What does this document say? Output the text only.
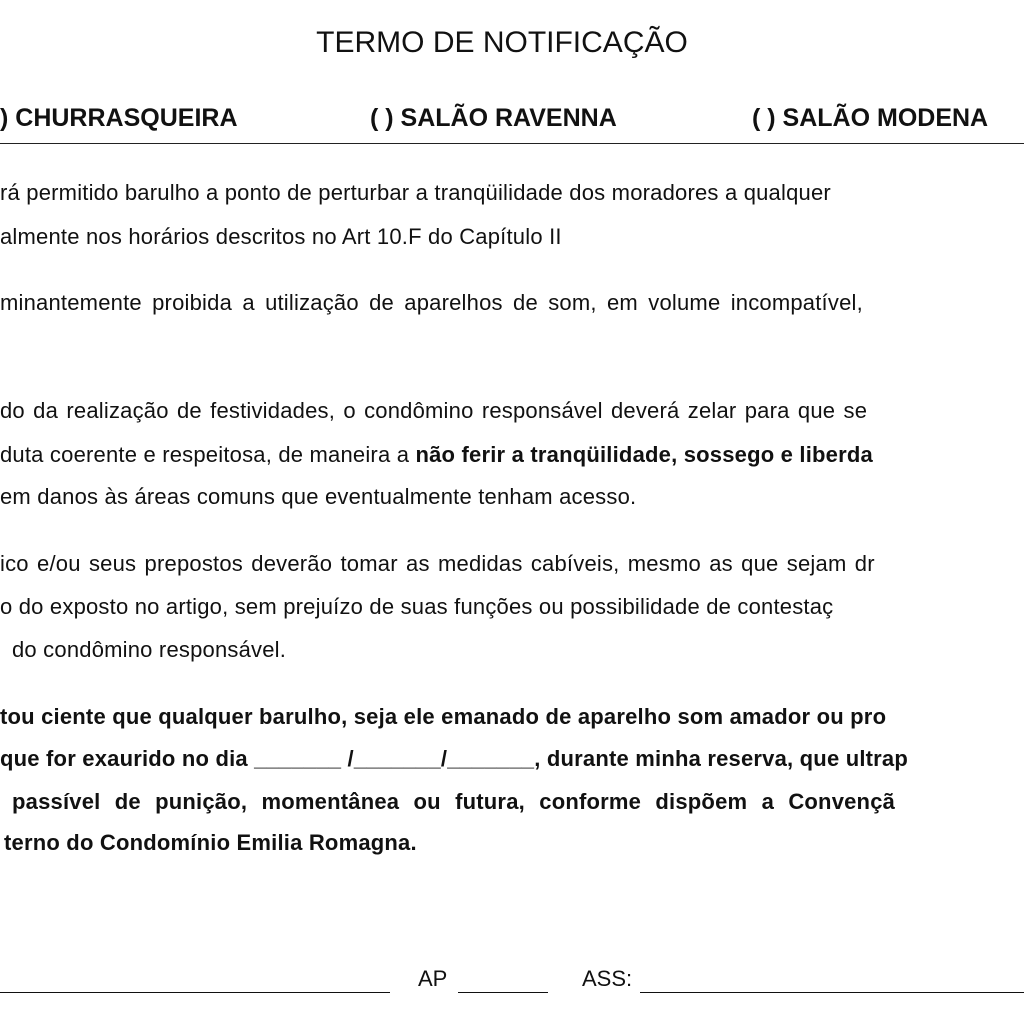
TERMO DE NOTIFICAÇÃO
) CHURRASQUEIRA	( ) SALÃO RAVENNA	( ) SALÃO MODENA
rá permitido barulho a ponto de perturbar a tranqüilidade dos moradores a qualquer
almente nos horários descritos no Art 10.F do Capítulo II
minantemente proibida a utilização de aparelhos de som, em volume incompatível,
do da realização de festividades, o condômino responsável deverá zelar para que se
duta coerente e respeitosa, de maneira a não ferir a tranqüilidade, sossego e liberda
em danos às áreas comuns que eventualmente tenham acesso.
ico e/ou seus prepostos deverão tomar as medidas cabíveis, mesmo as que sejam dr
o do exposto no artigo, sem prejuízo de suas funções ou possibilidade de contestaç
do condômino responsável.
tou ciente que qualquer barulho, seja ele emanado de aparelho som amador ou pro
que for exaurido no dia _______ /_______/_______, durante minha reserva, que ultrap
passível de punição, momentânea ou futura, conforme dispõem a Convençã
terno do Condomínio Emilia Romagna.
AP	ASS:
